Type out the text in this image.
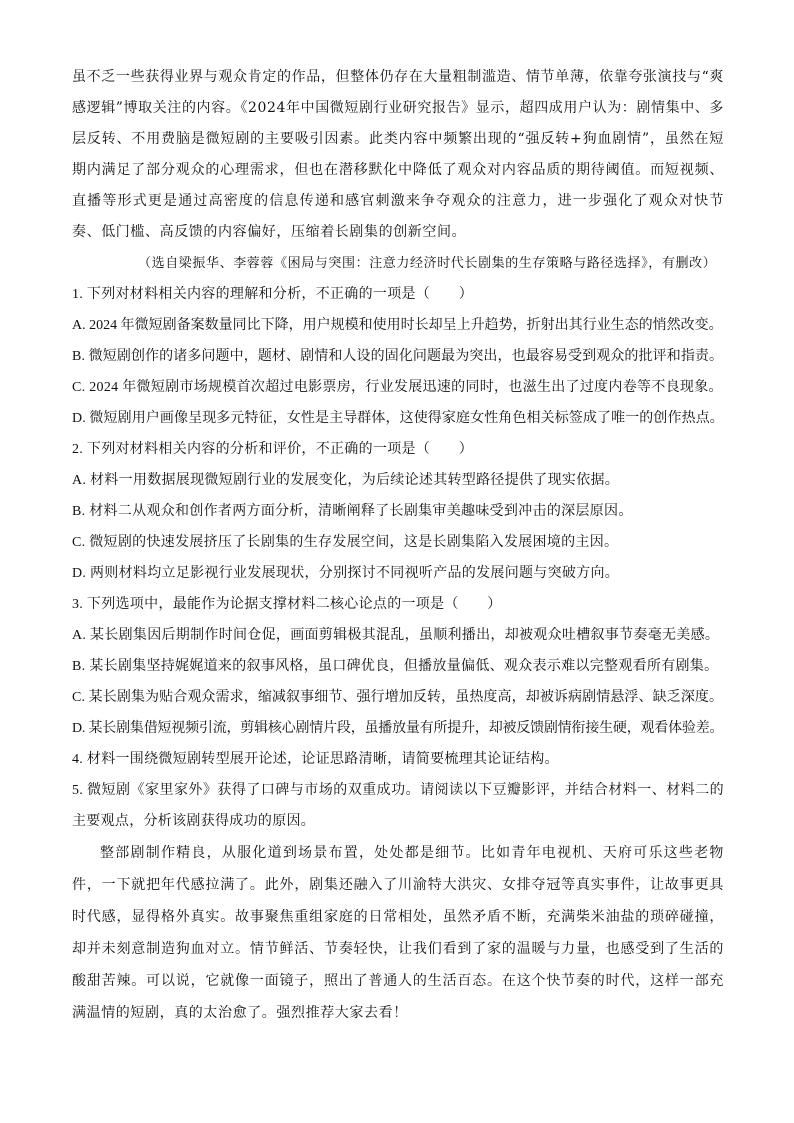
虽不乏一些获得业界与观众肯定的作品，但整体仍存在大量粗制滥造、情节单薄，依靠夸张演技与“爽感逻辑”博取关注的内容。《2024年中国微短剧行业研究报告》显示，超四成用户认为：剧情集中、多层反转、不用费脑是微短剧的主要吸引因素。此类内容中频繁出现的“强反转+狗血剧情”，虽然在短期内满足了部分观众的心理需求，但也在潜移默化中降低了观众对内容品质的期待阈值。而短视频、直播等形式更是通过高密度的信息传递和感官刺激来争夺观众的注意力，进一步强化了观众对快节奏、低门槛、高反馈的内容偏好，压缩着长剧集的创新空间。

（选自梁振华、李蓉蓉《困局与突围：注意力经济时代长剧集的生存策略与路径选择》，有删改）

1. 下列对材料相关内容的理解和分析，不正确的一项是（　　）

A. 2024 年微短剧备案数量同比下降，用户规模和使用时长却呈上升趋势，折射出其行业生态的悄然改变。

B. 微短剧创作的诸多问题中，题材、剧情和人设的固化问题最为突出，也最容易受到观众的批评和指责。

C. 2024 年微短剧市场规模首次超过电影票房，行业发展迅速的同时，也滋生出了过度内卷等不良现象。

D. 微短剧用户画像呈现多元特征，女性是主导群体，这使得家庭女性角色相关标签成了唯一的创作热点。

2. 下列对材料相关内容的分析和评价，不正确的一项是（　　）

A. 材料一用数据展现微短剧行业的发展变化，为后续论述其转型路径提供了现实依据。

B. 材料二从观众和创作者两方面分析，清晰阐释了长剧集审美趣味受到冲击的深层原因。

C. 微短剧的快速发展挤压了长剧集的生存发展空间，这是长剧集陷入发展困境的主因。

D. 两则材料均立足影视行业发展现状，分别探讨不同视听产品的发展问题与突破方向。

3. 下列选项中，最能作为论据支撑材料二核心论点的一项是（　　）

A. 某长剧集因后期制作时间仓促，画面剪辑极其混乱，虽顺利播出，却被观众吐槽叙事节奏毫无美感。

B. 某长剧集坚持娓娓道来的叙事风格，虽口碑优良，但播放量偏低、观众表示难以完整观看所有剧集。

C. 某长剧集为贴合观众需求，缩减叙事细节、强行增加反转，虽热度高，却被诉病剧情悬浮、缺乏深度。

D. 某长剧集借短视频引流，剪辑核心剧情片段，虽播放量有所提升，却被反馈剧情衔接生硬，观看体验差。

4. 材料一围绕微短剧转型展开论述，论证思路清晰，请简要梳理其论证结构。

5. 微短剧《家里家外》获得了口碑与市场的双重成功。请阅读以下豆瓣影评，并结合材料一、材料二的主要观点，分析该剧获得成功的原因。

整部剧制作精良，从服化道到场景布置，处处都是细节。比如青年电视机、天府可乐这些老物件，一下就把年代感拉满了。此外，剧集还融入了川渝特大洪灾、女排夺冠等真实事件，让故事更具时代感，显得格外真实。故事聚焦重组家庭的日常相处，虽然矛盾不断，充满柴米油盐的琐碎碰撞，却并未刻意制造狗血对立。情节鲜活、节奏轻快，让我们看到了家的温暖与力量，也感受到了生活的酸甜苦辣。可以说，它就像一面镜子，照出了普通人的生活百态。在这个快节奏的时代，这样一部充满温情的短剧，真的太治愈了。强烈推荐大家去看！
